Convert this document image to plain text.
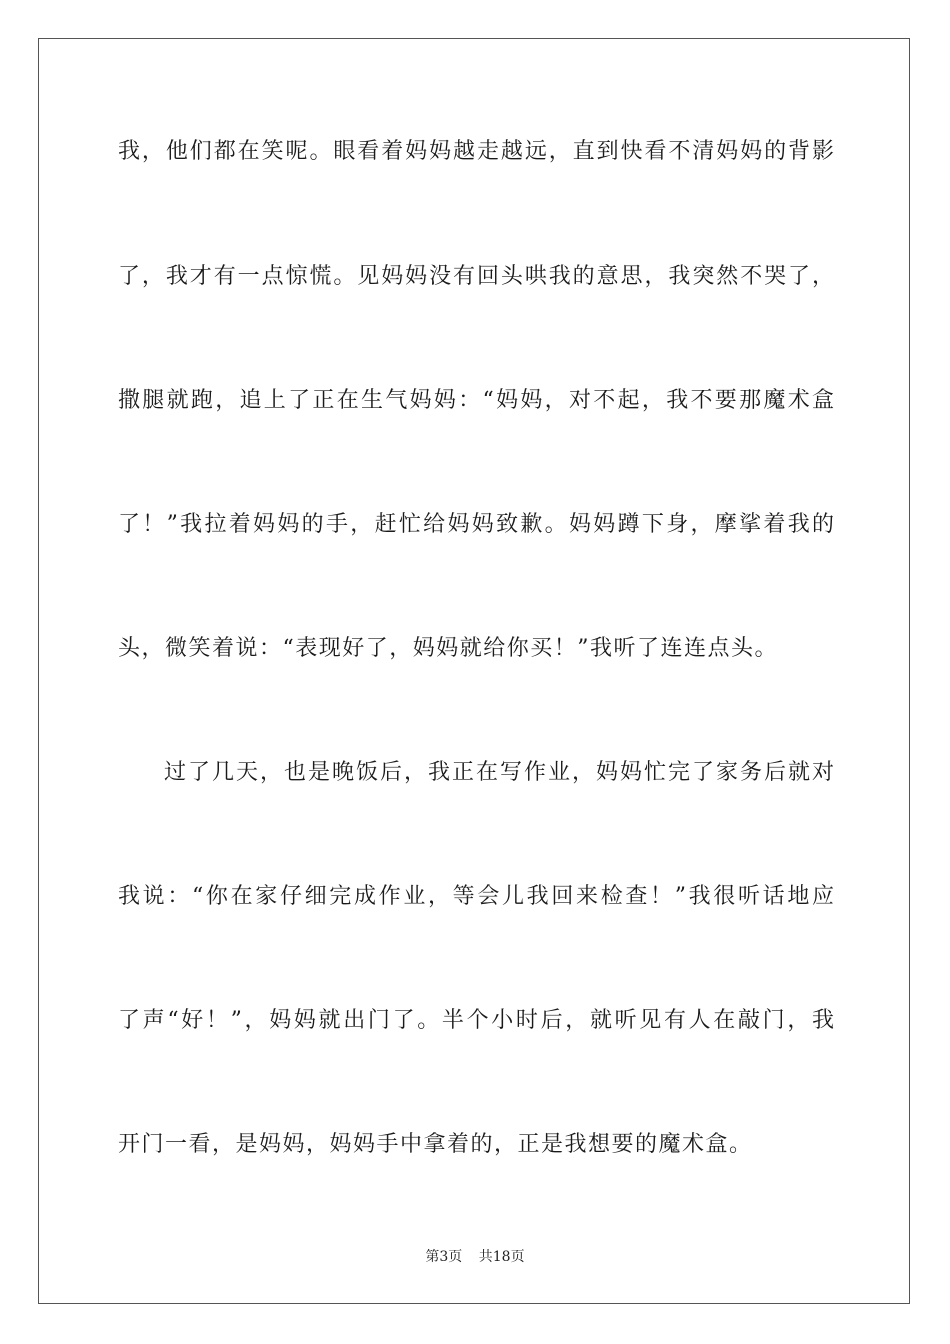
我，他们都在笑呢。眼看着妈妈越走越远，直到快看不清妈妈的背影
了，我才有一点惊慌。见妈妈没有回头哄我的意思，我突然不哭了，
撒腿就跑，追上了正在生气妈妈：“妈妈，对不起，我不要那魔术盒
了！”我拉着妈妈的手，赶忙给妈妈致歉。妈妈蹲下身，摩挲着我的
头，微笑着说：“表现好了，妈妈就给你买！”我听了连连点头。
过了几天，也是晚饭后，我正在写作业，妈妈忙完了家务后就对
我说：“你在家仔细完成作业，等会儿我回来检查！”我很听话地应
了声“好！”，妈妈就出门了。半个小时后，就听见有人在敲门，我
开门一看，是妈妈，妈妈手中拿着的，正是我想要的魔术盒。
第3页 共18页
